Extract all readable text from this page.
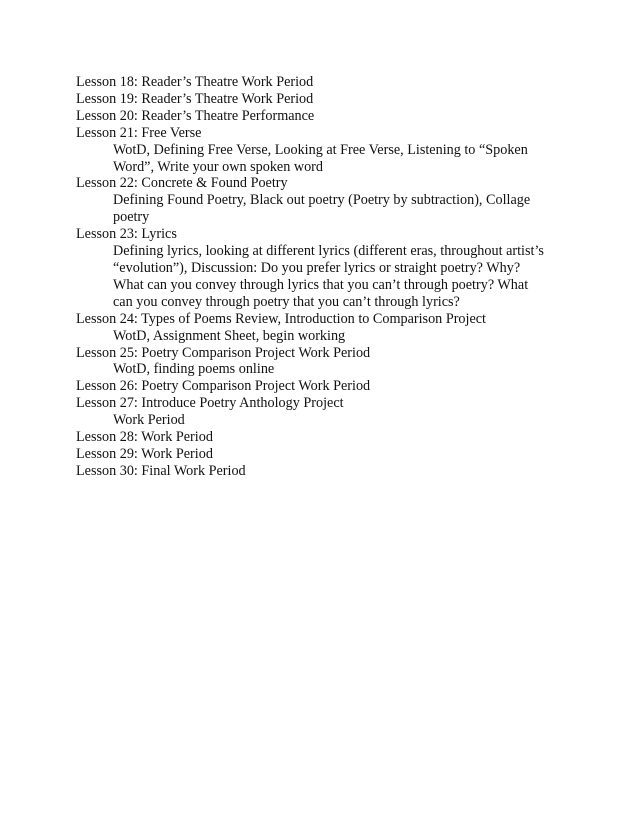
Lesson 18: Reader’s Theatre Work Period
Lesson 19: Reader’s Theatre Work Period
Lesson 20: Reader’s Theatre Performance
Lesson 21: Free Verse
WotD, Defining Free Verse, Looking at Free Verse, Listening to “Spoken
Word”, Write your own spoken word
Lesson 22: Concrete & Found Poetry
Defining Found Poetry, Black out poetry (Poetry by subtraction), Collage
poetry
Lesson 23: Lyrics
Defining lyrics, looking at different lyrics (different eras, throughout artist’s
“evolution”), Discussion: Do you prefer lyrics or straight poetry? Why?
What can you convey through lyrics that you can’t through poetry? What
can you convey through poetry that you can’t through lyrics?
Lesson 24: Types of Poems Review, Introduction to Comparison Project
WotD, Assignment Sheet, begin working
Lesson 25: Poetry Comparison Project Work Period
WotD, finding poems online
Lesson 26: Poetry Comparison Project Work Period
Lesson 27: Introduce Poetry Anthology Project
Work Period
Lesson 28: Work Period
Lesson 29: Work Period
Lesson 30: Final Work Period
